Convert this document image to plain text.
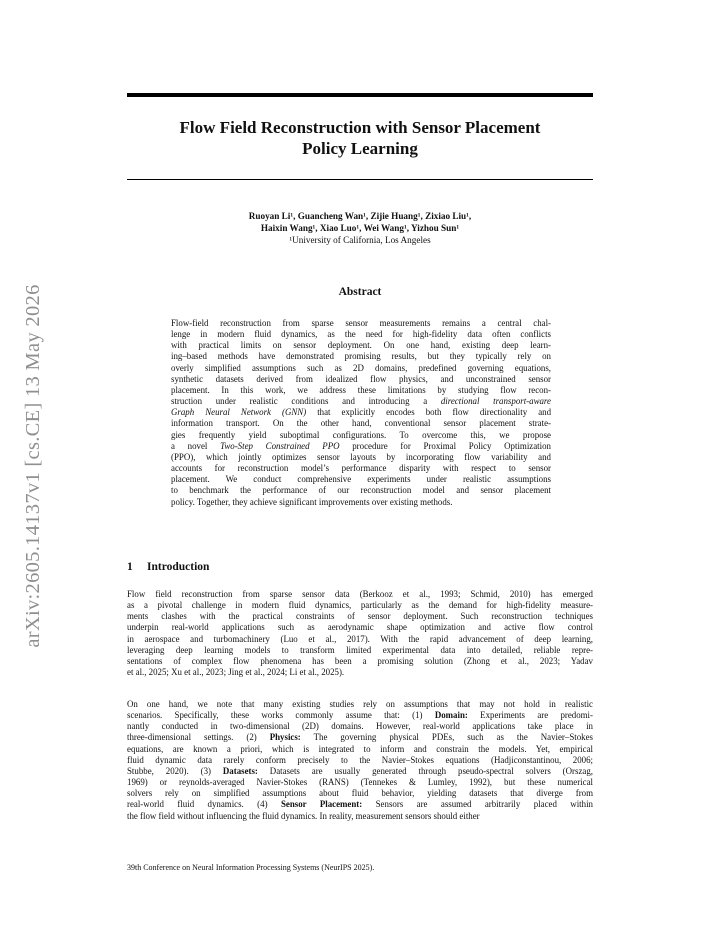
arXiv:2605.14137v1 [cs.CE] 13 May 2026
Flow Field Reconstruction with Sensor Placement
Policy Learning
Ruoyan Li¹, Guancheng Wan¹, Zijie Huang¹, Zixiao Liu¹,
Haixin Wang¹, Xiao Luo¹, Wei Wang¹, Yizhou Sun¹
¹University of California, Los Angeles
Abstract

Flow-field reconstruction from sparse sensor measurements remains a central chal-
lenge in modern fluid dynamics, as the need for high-fidelity data often conflicts
with practical limits on sensor deployment. On one hand, existing deep learn-
ing–based methods have demonstrated promising results, but they typically rely on
overly simplified assumptions such as 2D domains, predefined governing equations,
synthetic datasets derived from idealized flow physics, and unconstrained sensor
placement. In this work, we address these limitations by studying flow recon-
struction under realistic conditions and introducing a directional transport-aware
Graph Neural Network (GNN) that explicitly encodes both flow directionality and
information transport. On the other hand, conventional sensor placement strate-
gies frequently yield suboptimal configurations. To overcome this, we propose
a novel Two-Step Constrained PPO procedure for Proximal Policy Optimization
(PPO), which jointly optimizes sensor layouts by incorporating flow variability and
accounts for reconstruction model’s performance disparity with respect to sensor
placement. We conduct comprehensive experiments under realistic assumptions
to benchmark the performance of our reconstruction model and sensor placement
policy. Together, they achieve significant improvements over existing methods.

1 Introduction

Flow field reconstruction from sparse sensor data (Berkooz et al., 1993; Schmid, 2010) has emerged
as a pivotal challenge in modern fluid dynamics, particularly as the demand for high-fidelity measure-
ments clashes with the practical constraints of sensor deployment. Such reconstruction techniques
underpin real-world applications such as aerodynamic shape optimization and active flow control
in aerospace and turbomachinery (Luo et al., 2017). With the rapid advancement of deep learning,
leveraging deep learning models to transform limited experimental data into detailed, reliable repre-
sentations of complex flow phenomena has been a promising solution (Zhong et al., 2023; Yadav
et al., 2025; Xu et al., 2023; Jing et al., 2024; Li et al., 2025).

On one hand, we note that many existing studies rely on assumptions that may not hold in realistic
scenarios. Specifically, these works commonly assume that: (1) Domain: Experiments are predomi-
nantly conducted in two-dimensional (2D) domains. However, real-world applications take place in
three-dimensional settings. (2) Physics: The governing physical PDEs, such as the Navier–Stokes
equations, are known a priori, which is integrated to inform and constrain the models. Yet, empirical
fluid dynamic data rarely conform precisely to the Navier–Stokes equations (Hadjiconstantinou, 2006;
Stubbe, 2020). (3) Datasets: Datasets are usually generated through pseudo-spectral solvers (Orszag,
1969) or reynolds-averaged Navier-Stokes (RANS) (Tennekes & Lumley, 1992), but these numerical
solvers rely on simplified assumptions about fluid behavior, yielding datasets that diverge from
real-world fluid dynamics. (4) Sensor Placement: Sensors are assumed arbitrarily placed within
the flow field without influencing the fluid dynamics. In reality, measurement sensors should either

39th Conference on Neural Information Processing Systems (NeurIPS 2025).
